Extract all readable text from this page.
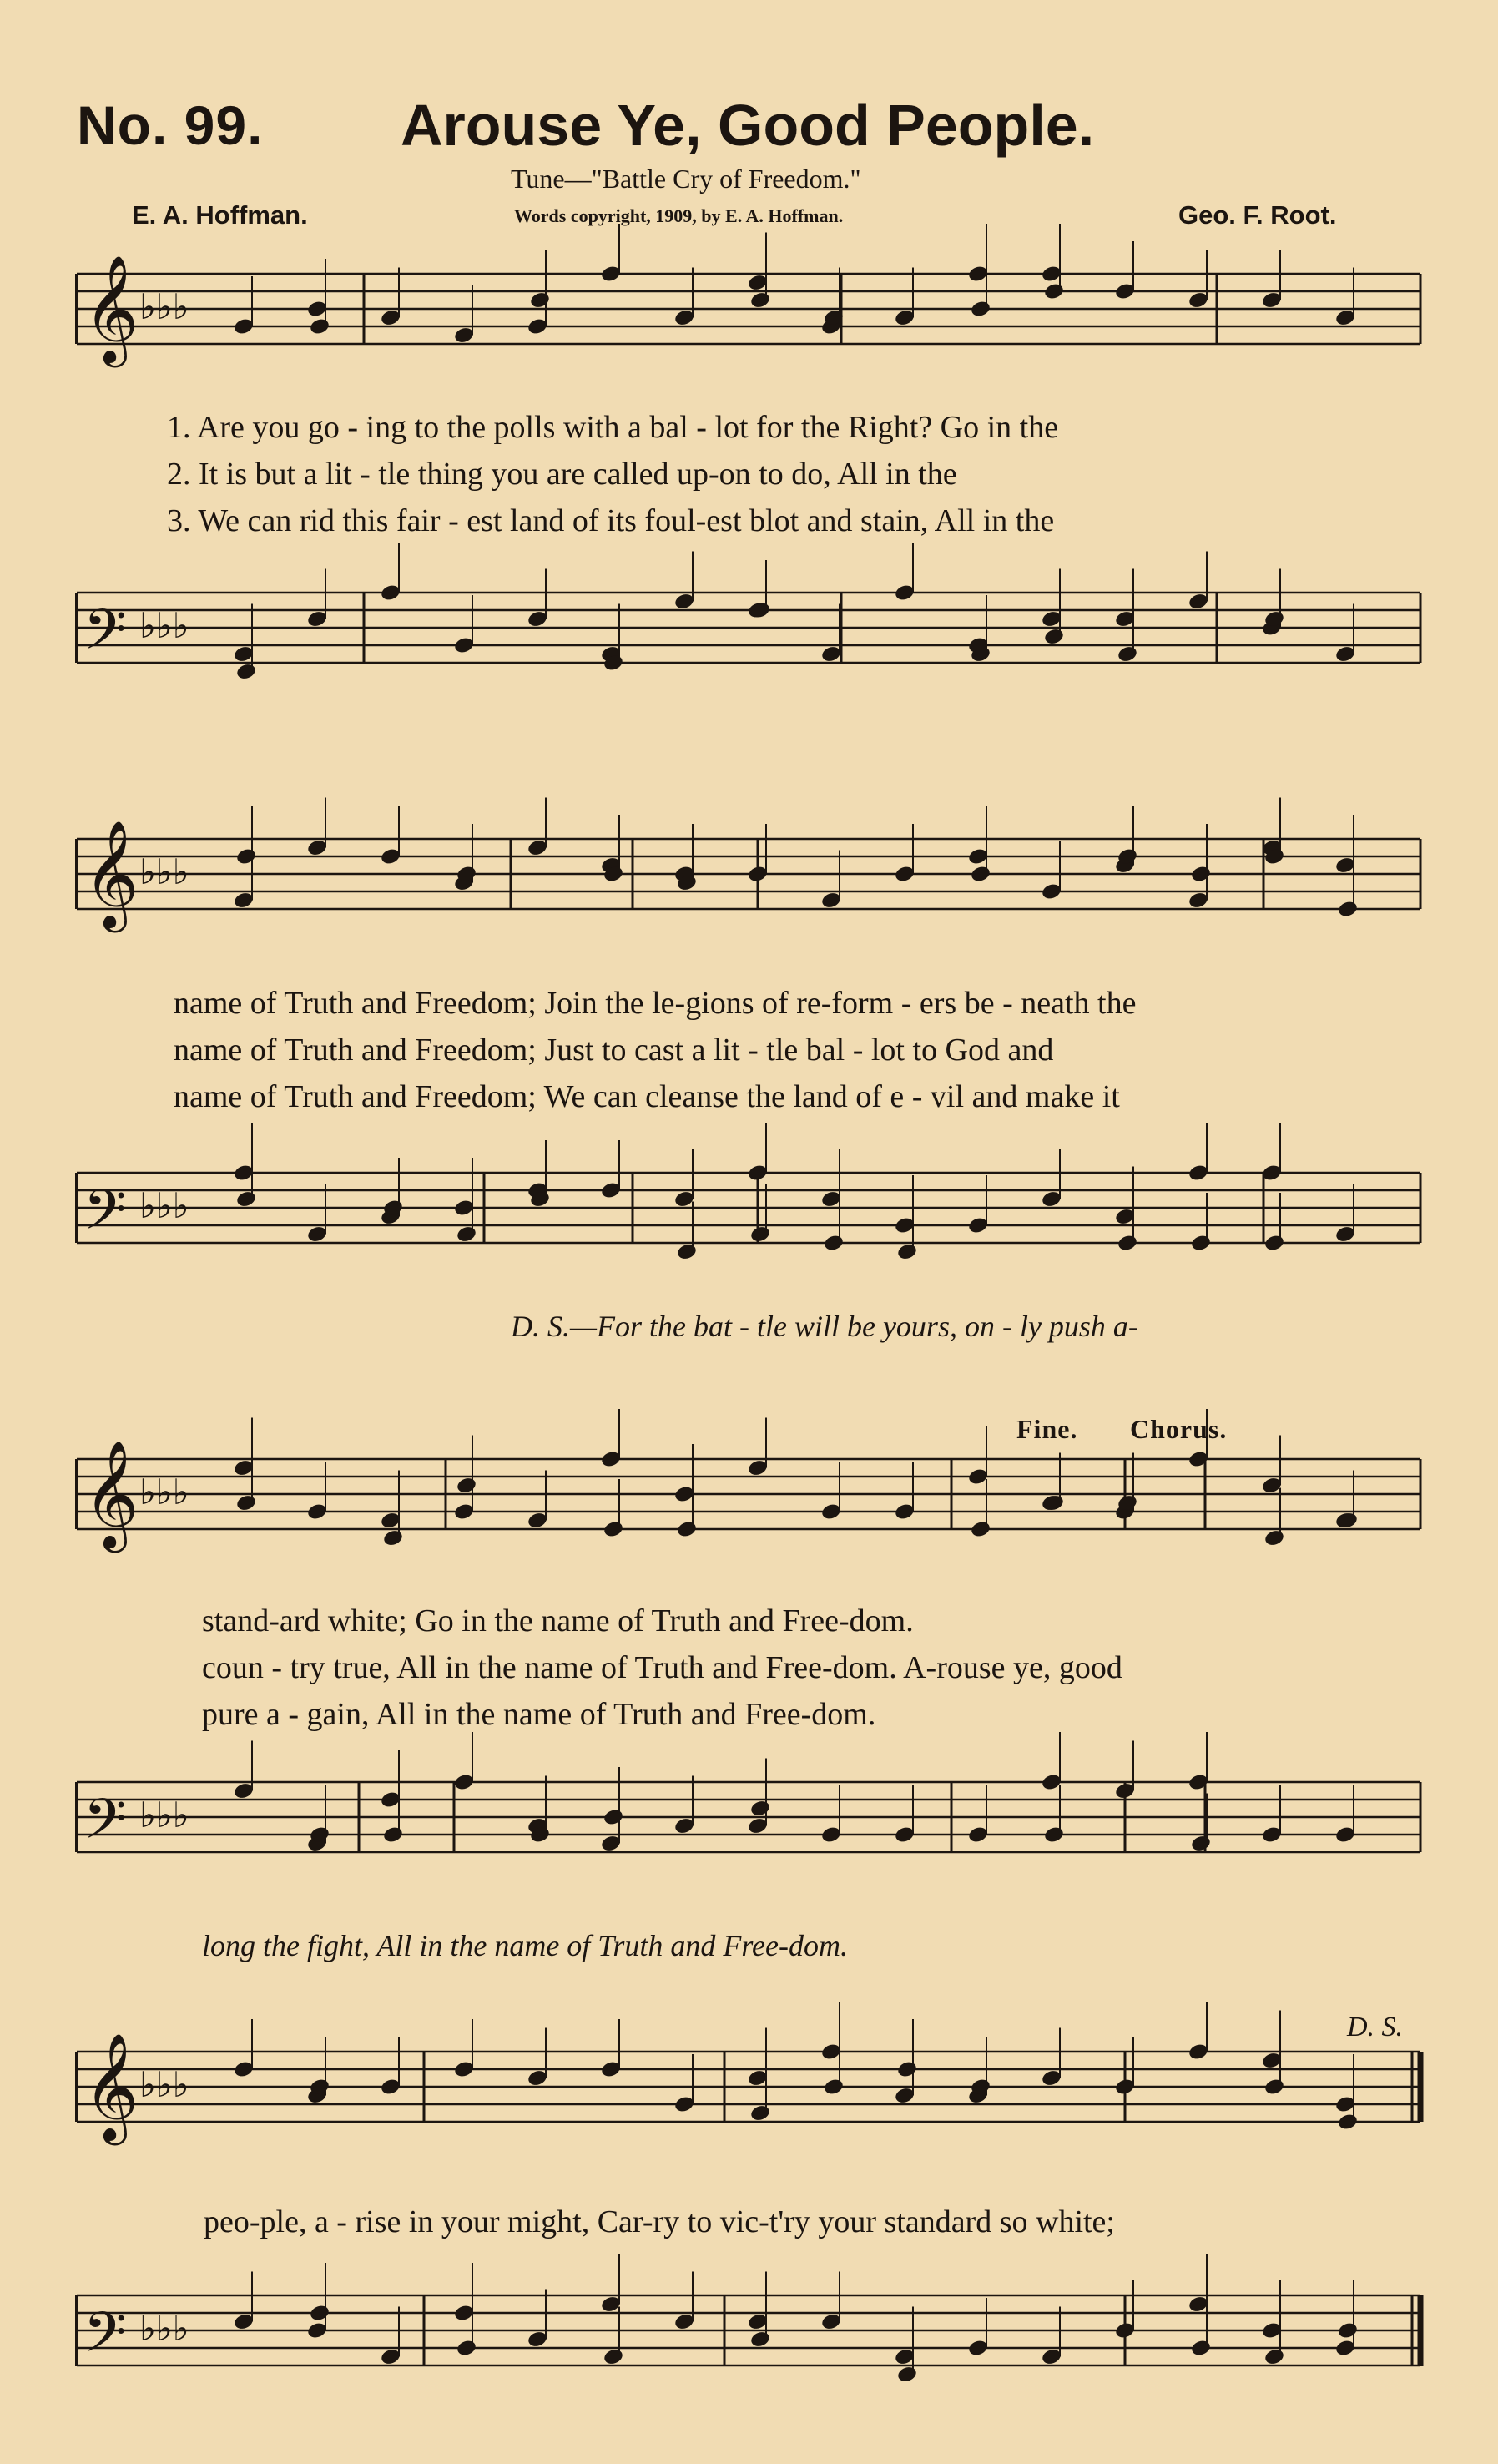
No. 99. Arouse Ye, Good People.
Tune—"Battle Cry of Freedom."
E. A. Hoffman.	Words copyright, 1909, by E. A. Hoffman.	Geo. F. Root.
𝄞 ♭♭♭
1. Are you go - ing to the polls with a bal - lot for the Right? Go in the
2. It is but a lit - tle thing you are called up-on to do, All in the
3. We can rid this fair - est land of its foul-est blot and stain, All in the
𝄢 ♭♭♭
𝄞 ♭♭♭
name of Truth and Freedom; Join the le-gions of re-form - ers be - neath the
name of Truth and Freedom; Just to cast a lit - tle bal - lot to God and
name of Truth and Freedom; We can cleanse the land of e - vil and make it
𝄢 ♭♭♭
D. S.—For the bat - tle will be yours, on - ly push a-
Fine. Chorus.
𝄞 ♭♭♭
stand-ard white; Go in the name of Truth and Free-dom.
coun - try true, All in the name of Truth and Free-dom. A-rouse ye, good
pure a - gain, All in the name of Truth and Free-dom.
𝄢 ♭♭♭
long the fight, All in the name of Truth and Free-dom.
D. S.
𝄞 ♭♭♭
peo-ple, a - rise in your might, Car-ry to vic-t'ry your standard so white;
𝄢 ♭♭♭
